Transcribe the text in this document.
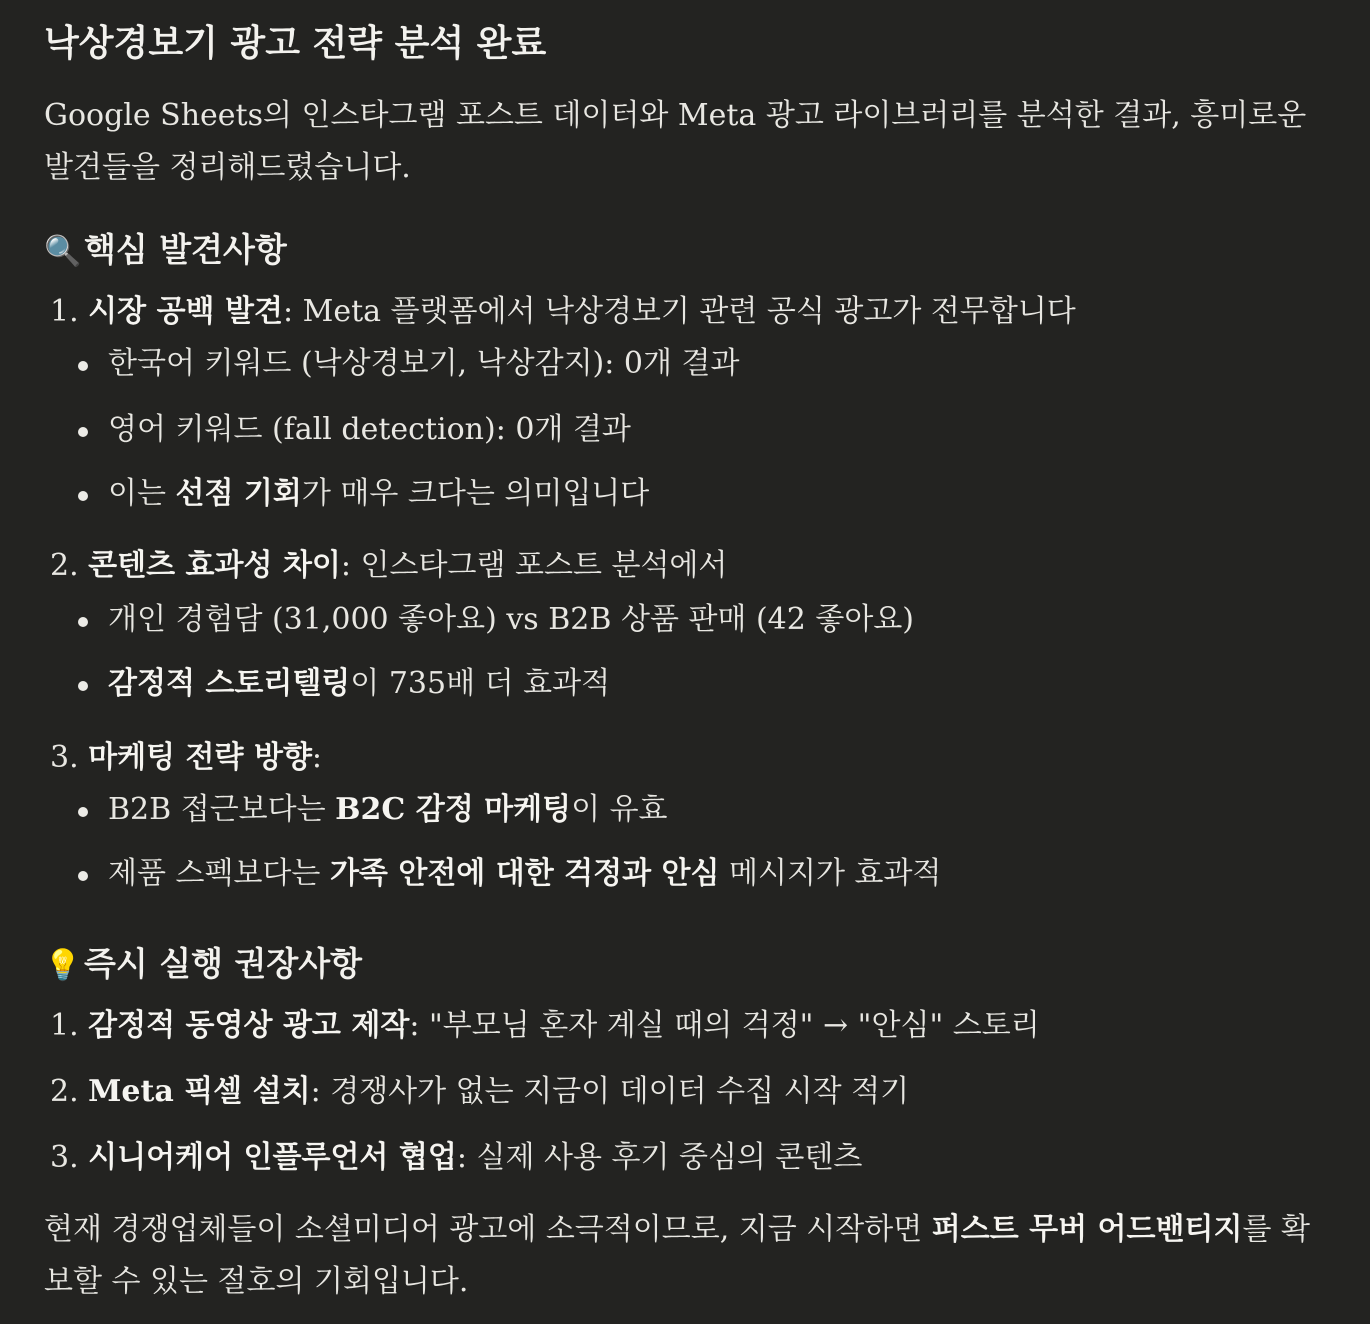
낙상경보기 광고 전략 분석 완료

Google Sheets의 인스타그램 포스트 데이터와 Meta 광고 라이브러리를 분석한 결과, 흥미로운 발견들을 정리해드렸습니다.

🔍핵심 발견사항
1. 시장 공백 발견: Meta 플랫폼에서 낙상경보기 관련 공식 광고가 전무합니다
한국어 키워드 (낙상경보기, 낙상감지): 0개 결과
영어 키워드 (fall detection): 0개 결과
이는 선점 기회가 매우 크다는 의미입니다
2. 콘텐츠 효과성 차이: 인스타그램 포스트 분석에서
개인 경험담 (31,000 좋아요) vs B2B 상품 판매 (42 좋아요)
감정적 스토리텔링이 735배 더 효과적
3. 마케팅 전략 방향:
B2B 접근보다는 B2C 감정 마케팅이 유효
제품 스펙보다는 가족 안전에 대한 걱정과 안심 메시지가 효과적
💡즉시 실행 권장사항
1. 감정적 동영상 광고 제작: "부모님 혼자 계실 때의 걱정" → "안심" 스토리
2. Meta 픽셀 설치: 경쟁사가 없는 지금이 데이터 수집 시작 적기
3. 시니어케어 인플루언서 협업: 실제 사용 후기 중심의 콘텐츠

현재 경쟁업체들이 소셜미디어 광고에 소극적이므로, 지금 시작하면 퍼스트 무버 어드밴티지를 확보할 수 있는 절호의 기회입니다.
